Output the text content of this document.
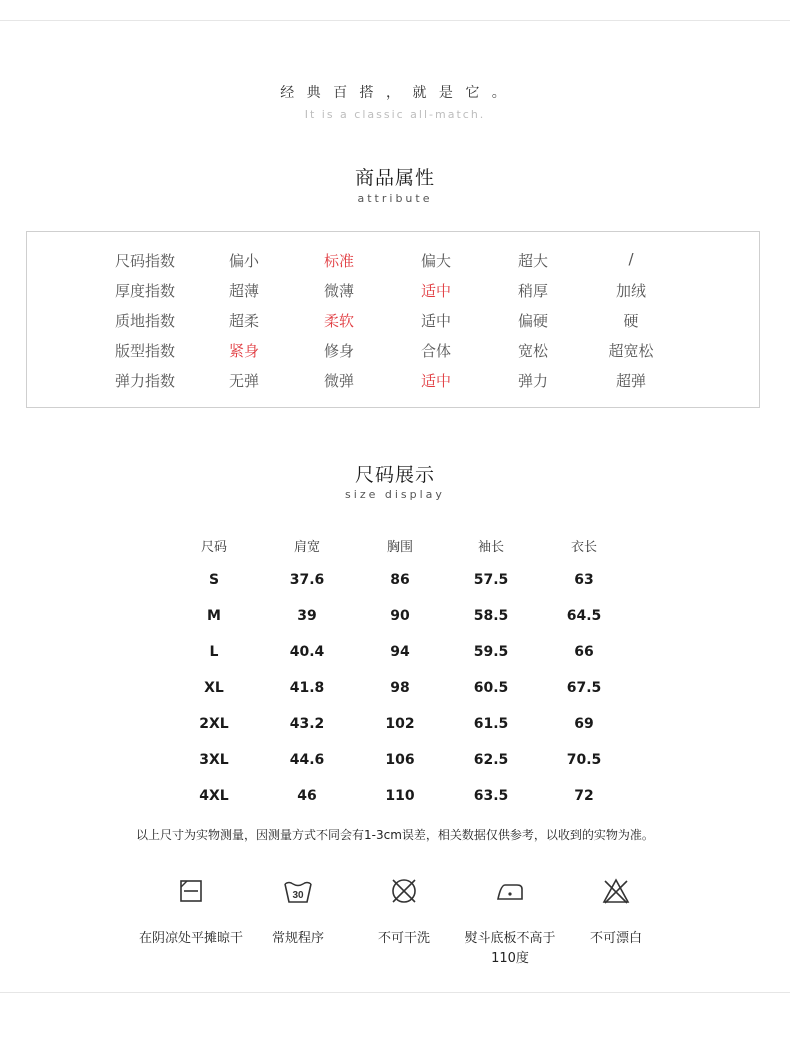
经 典 百 搭 ， 就 是 它 。
It is a classic all-match.
商品属性
attribute
尺码指数	偏小	标准	偏大	超大	/
厚度指数	超薄	微薄	适中	稍厚	加绒
质地指数	超柔	柔软	适中	偏硬	硬
版型指数	紧身	修身	合体	宽松	超宽松
弹力指数	无弹	微弹	适中	弹力	超弹
尺码展示
size display
尺码	肩宽	胸围	袖长	衣长
S	37.6	86	57.5	63
M	39	90	58.5	64.5
L	40.4	94	59.5	66
XL	41.8	98	60.5	67.5
2XL	43.2	102	61.5	69
3XL	44.6	106	62.5	70.5
4XL	46	110	63.5	72
以上尺寸为实物测量，因测量方式不同会有1-3cm误差，相关数据仅供参考，以收到的实物为准。
30
在阴凉处平摊晾干	常规程序	不可干洗	熨斗底板不高于110度
不可漂白
